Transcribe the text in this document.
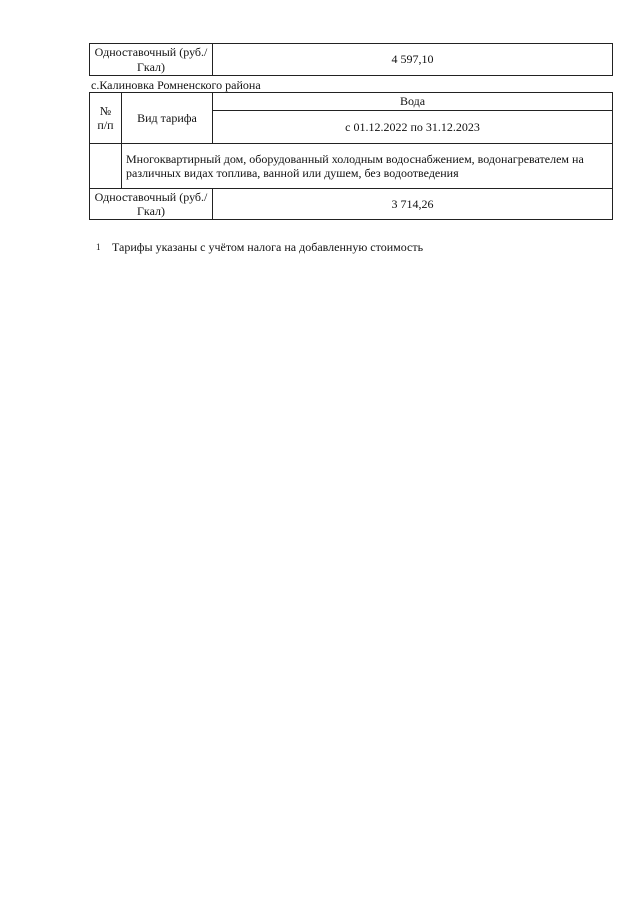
Одноставочный (руб./Гкал)	4 597,10
с.Калиновка Ромненского района
№ п/п	Вид тарифа	Вода
		с 01.12.2022 по 31.12.2023
	Многоквартирный дом, оборудованный холодным водоснабжением, водонагревателем на различных видах топлива, ванной или душем, без водоотведения	
Одноставочный (руб./Гкал)		3 714,26
1 Тарифы указаны с учётом налога на добавленную стоимость
